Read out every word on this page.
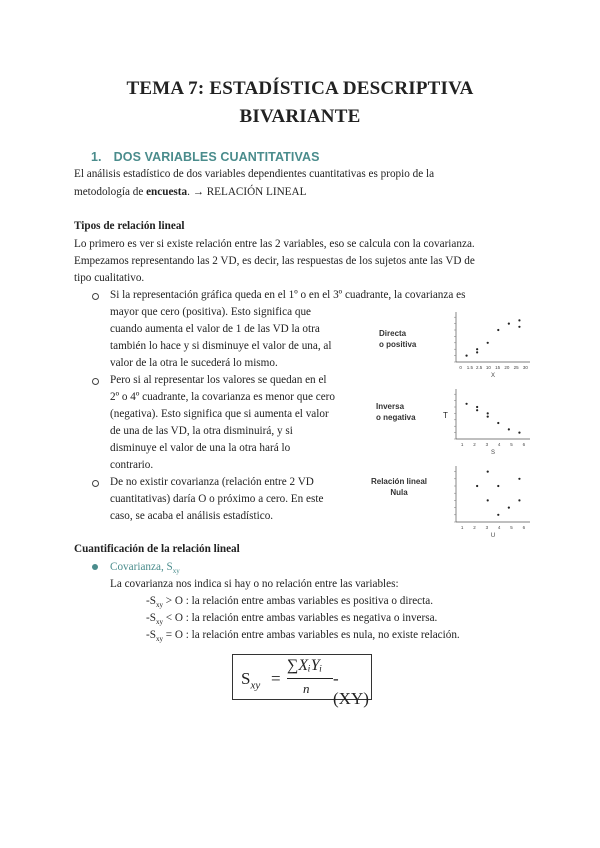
TEMA 7: ESTADÍSTICA DESCRIPTIVA
BIVARIANTE
1. DOS VARIABLES CUANTITATIVAS
El análisis estadístico de dos variables dependientes cuantitativas es propio de la
metodología de encuesta. → RELACIÓN LINEAL
Tipos de relación lineal
Lo primero es ver si existe relación entre las 2 variables, eso se calcula con la covarianza.
Empezamos representando las 2 VD, es decir, las respuestas de los sujetos ante las VD de
tipo cualitativo.
Si la representación gráfica queda en el 1º o en el 3º cuadrante, la covarianza es
mayor que cero (positiva). Esto significa que
cuando aumenta el valor de 1 de las VD la otra
también lo hace y si disminuye el valor de una, al
valor de la otra le sucederá lo mismo.
Pero si al representar los valores se quedan en el
2º o 4º cuadrante, la covarianza es menor que cero
(negativa). Esto significa que si aumenta el valor
de una de las VD, la otra disminuirá, y si
disminuye el valor de una la otra hará lo
contrario.
De no existir covarianza (relación entre 2 VD
cuantitativas) daría O o próximo a cero. En este
caso, se acaba el análisis estadístico.
Directa
o positiva
0 1.5 2.5 10 15 20 25 30
X
Inversa
o negativa	T
1 2 3 4 5 6
S
Relación lineal
Nula
1 2 3 4 5 6
U
Cuantificación de la relación lineal
Covarianza, $S_{xy}$
La covarianza nos indica si hay o no relación entre las variables:
$-S_{xy} > O$ : la relación entre ambas variables es positiva o directa.
$-S_{xy} < O$ : la relación entre ambas variables es negativa o inversa.
$-S_{xy} = O$ : la relación entre ambas variables es nula, no existe relación.
$S_{xy}$ =
∑XᵢYᵢ
n
- (XY)
